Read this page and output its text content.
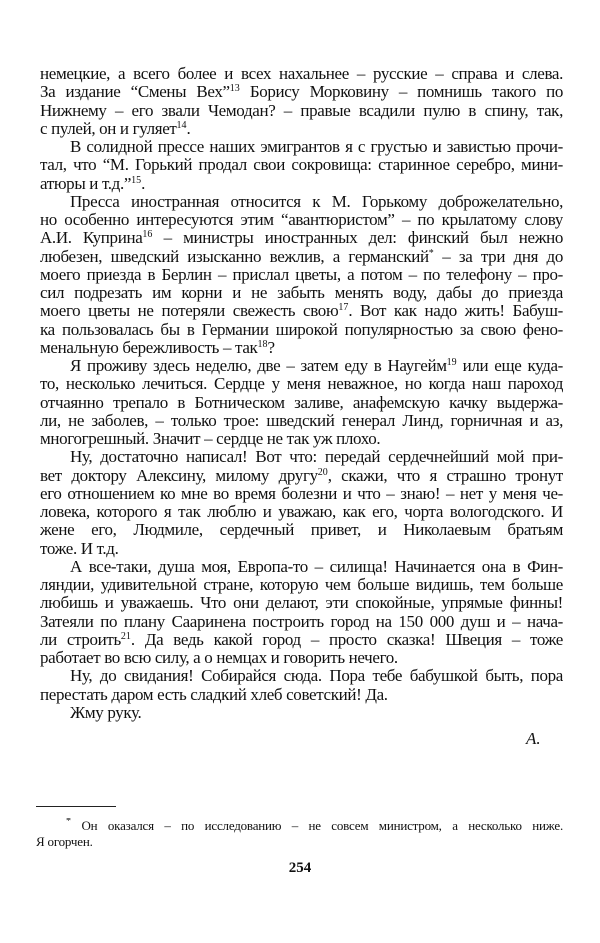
немецкие, а всего более и всех нахальнее – русские – справа и слева.
За издание “Смены Вех”$^{13}$ Борису Морковину – помнишь такого по
Нижнему – его звали Чемодан? – правые всадили пулю в спину, так,
с пулей, он и гуляет$^{14}$.
В солидной прессе наших эмигрантов я с грустью и завистью прочи-
тал, что “М. Горький продал свои сокровища: старинное серебро, мини-
атюры и т.д.”$^{15}$.
Пресса иностранная относится к М. Горькому доброжелательно,
но особенно интересуются этим “авантюристом” – по крылатому слову
А.И. Куприна$^{16}$ – министры иностранных дел: финский был нежно
любезен, шведский изысканно вежлив, а германский* – за три дня до
моего приезда в Берлин – прислал цветы, а потом – по телефону – про-
сил подрезать им корни и не забыть менять воду, дабы до приезда
моего цветы не потеряли свежесть свою$^{17}$. Вот как надо жить! Бабуш-
ка пользовалась бы в Германии широкой популярностью за свою фено-
менальную бережливость – так$^{18}$?
Я проживу здесь неделю, две – затем еду в Наугейм$^{19}$ или еще куда-
то, несколько лечиться. Сердце у меня неважное, но когда наш пароход
отчаянно трепало в Ботническом заливе, анафемскую качку выдержа-
ли, не заболев, – только трое: шведский генерал Линд, горничная и аз,
многогрешный. Значит – сердце не так уж плохо.
Ну, достаточно написал! Вот что: передай сердечнейший мой при-
вет доктору Алексину, милому другу$^{20}$, скажи, что я страшно тронут
его отношением ко мне во время болезни и что – знаю! – нет у меня че-
ловека, которого я так люблю и уважаю, как его, чорта вологодского. И
жене его, Людмиле, сердечный привет, и Николаевым братьям
тоже. И т.д.
А все-таки, душа моя, Европа-то – силища! Начинается она в Фин-
ляндии, удивительной стране, которую чем больше видишь, тем больше
любишь и уважаешь. Что они делают, эти спокойные, упрямые финны!
Затеяли по плану Сааринена построить город на 150 000 душ и – нача-
ли строить$^{21}$. Да ведь какой город – просто сказка! Швеция – тоже
работает во всю силу, а о немцах и говорить нечего.
Ну, до свидания! Собирайся сюда. Пора тебе бабушкой быть, пора
перестать даром есть сладкий хлеб советский! Да.
Жму руку.
А.
* Он оказался – по исследованию – не совсем министром, а несколько ниже.
Я огорчен.
254
